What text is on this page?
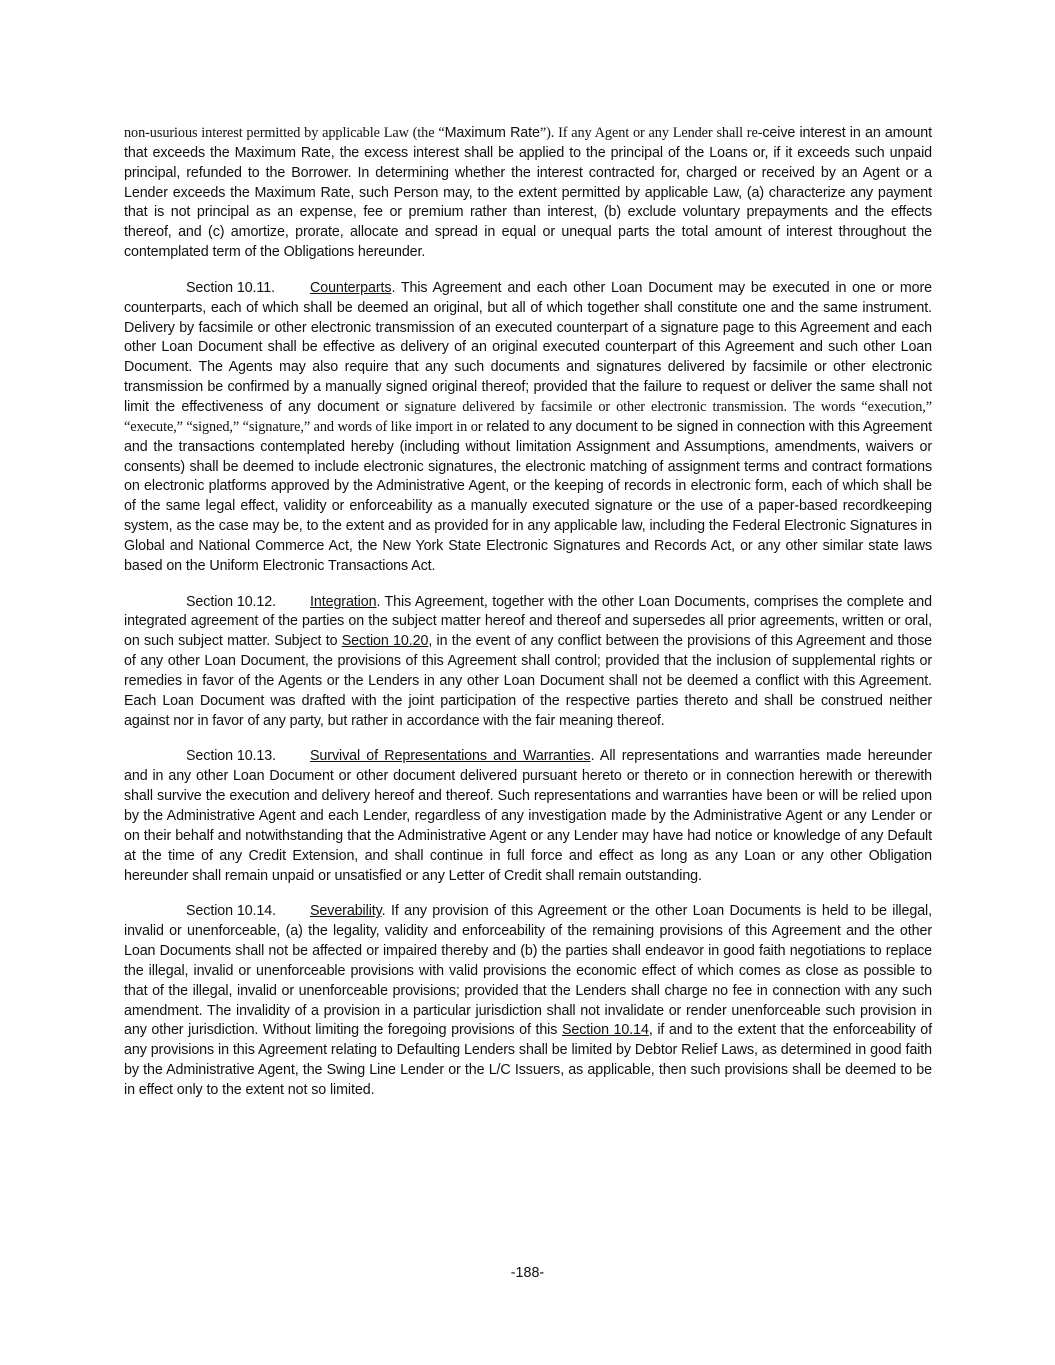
non-usurious interest permitted by applicable Law (the “Maximum Rate”). If any Agent or any Lender shall re-ceive interest in an amount that exceeds the Maximum Rate, the excess interest shall be applied to the principal of the Loans or, if it exceeds such unpaid principal, refunded to the Borrower. In determining whether the interest contracted for, charged or received by an Agent or a Lender exceeds the Maximum Rate, such Person may, to the extent permitted by applicable Law, (a) characterize any payment that is not principal as an expense, fee or premium rather than interest, (b) exclude voluntary prepayments and the effects thereof, and (c) amortize, prorate, allocate and spread in equal or unequal parts the total amount of interest throughout the contemplated term of the Obligations hereunder.

Section 10.11. Counterparts. This Agreement and each other Loan Document may be executed in one or more counterparts, each of which shall be deemed an original, but all of which together shall constitute one and the same instrument. Delivery by facsimile or other electronic transmission of an executed counterpart of a signature page to this Agreement and each other Loan Document shall be effective as delivery of an original executed counterpart of this Agreement and such other Loan Document. The Agents may also require that any such documents and signatures delivered by facsimile or other electronic transmission be confirmed by a manually signed original thereof; provided that the failure to request or deliver the same shall not limit the effectiveness of any document or signature delivered by facsimile or other electronic transmission. The words “execution,” “execute,” “signed,” “signature,” and words of like import in or related to any document to be signed in connection with this Agreement and the transactions contemplated hereby (including without limitation Assignment and Assumptions, amendments, waivers or consents) shall be deemed to include electronic signatures, the electronic matching of assignment terms and contract formations on electronic platforms approved by the Administrative Agent, or the keeping of records in electronic form, each of which shall be of the same legal effect, validity or enforceability as a manually executed signature or the use of a paper-based recordkeeping system, as the case may be, to the extent and as provided for in any applicable law, including the Federal Electronic Signatures in Global and National Commerce Act, the New York State Electronic Signatures and Records Act, or any other similar state laws based on the Uniform Electronic Transactions Act.

Section 10.12. Integration. This Agreement, together with the other Loan Documents, comprises the complete and integrated agreement of the parties on the subject matter hereof and thereof and supersedes all prior agreements, written or oral, on such subject matter. Subject to Section 10.20, in the event of any conflict between the provisions of this Agreement and those of any other Loan Document, the provisions of this Agreement shall control; provided that the inclusion of supplemental rights or remedies in favor of the Agents or the Lenders in any other Loan Document shall not be deemed a conflict with this Agreement. Each Loan Document was drafted with the joint participation of the respective parties thereto and shall be construed neither against nor in favor of any party, but rather in accordance with the fair meaning thereof.

Section 10.13. Survival of Representations and Warranties. All representations and warranties made hereunder and in any other Loan Document or other document delivered pursuant hereto or thereto or in connection herewith or therewith shall survive the execution and delivery hereof and thereof. Such representations and warranties have been or will be relied upon by the Administrative Agent and each Lender, regardless of any investigation made by the Administrative Agent or any Lender or on their behalf and notwithstanding that the Administrative Agent or any Lender may have had notice or knowledge of any Default at the time of any Credit Extension, and shall continue in full force and effect as long as any Loan or any other Obligation hereunder shall remain unpaid or unsatisfied or any Letter of Credit shall remain outstanding.

Section 10.14. Severability. If any provision of this Agreement or the other Loan Documents is held to be illegal, invalid or unenforceable, (a) the legality, validity and enforceability of the remaining provisions of this Agreement and the other Loan Documents shall not be affected or impaired thereby and (b) the parties shall endeavor in good faith negotiations to replace the illegal, invalid or unenforceable provisions with valid provisions the economic effect of which comes as close as possible to that of the illegal, invalid or unenforceable provisions; provided that the Lenders shall charge no fee in connection with any such amendment. The invalidity of a provision in a particular jurisdiction shall not invalidate or render unenforceable such provision in any other jurisdiction. Without limiting the foregoing provisions of this Section 10.14, if and to the extent that the enforceability of any provisions in this Agreement relating to Defaulting Lenders shall be limited by Debtor Relief Laws, as determined in good faith by the Administrative Agent, the Swing Line Lender or the L/C Issuers, as applicable, then such provisions shall be deemed to be in effect only to the extent not so limited.

-188-
